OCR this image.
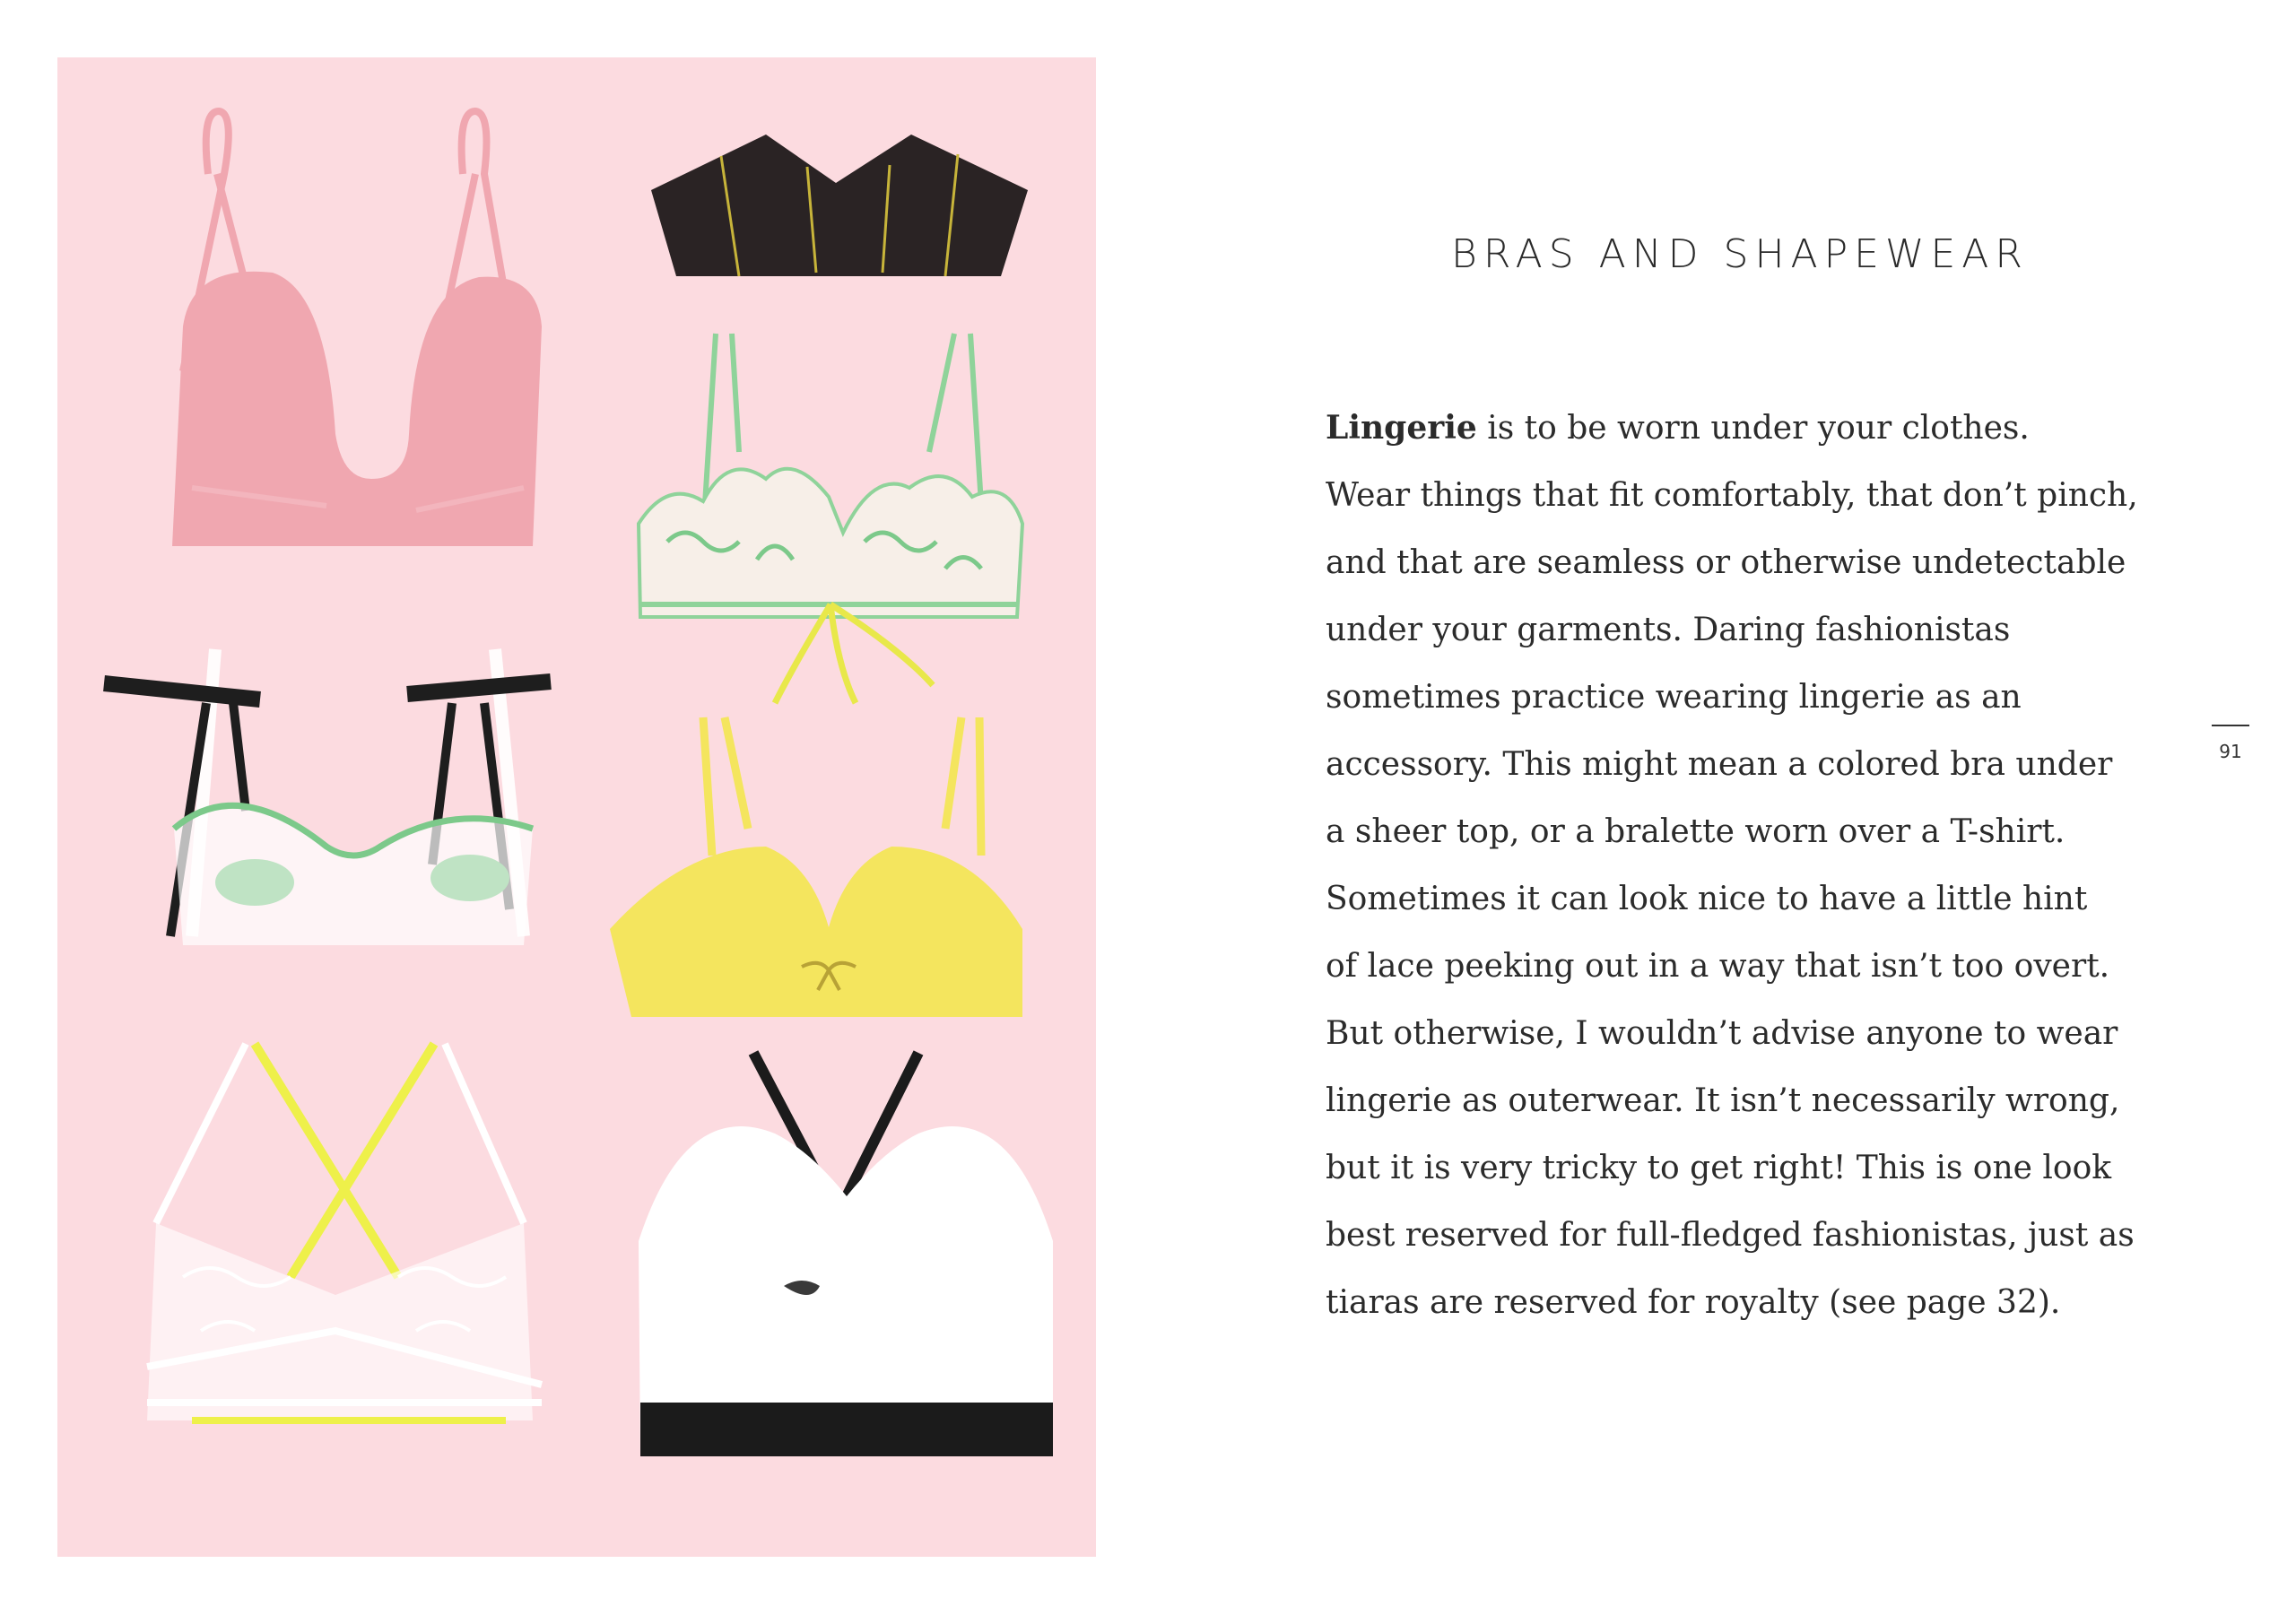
BRAS AND SHAPEWEAR
Lingerie is to be worn under your clothes.
Wear things that fit comfortably, that don’t pinch,
and that are seamless or otherwise undetectable
under your garments. Daring fashionistas
sometimes practice wearing lingerie as an
accessory. This might mean a colored bra under
a sheer top, or a bralette worn over a T-shirt.
Sometimes it can look nice to have a little hint
of lace peeking out in a way that isn’t too overt.
But otherwise, I wouldn’t advise anyone to wear
lingerie as outerwear. It isn’t necessarily wrong,
but it is very tricky to get right! This is one look
best reserved for full-fledged fashionistas, just as
tiaras are reserved for royalty (see page 32).
91
